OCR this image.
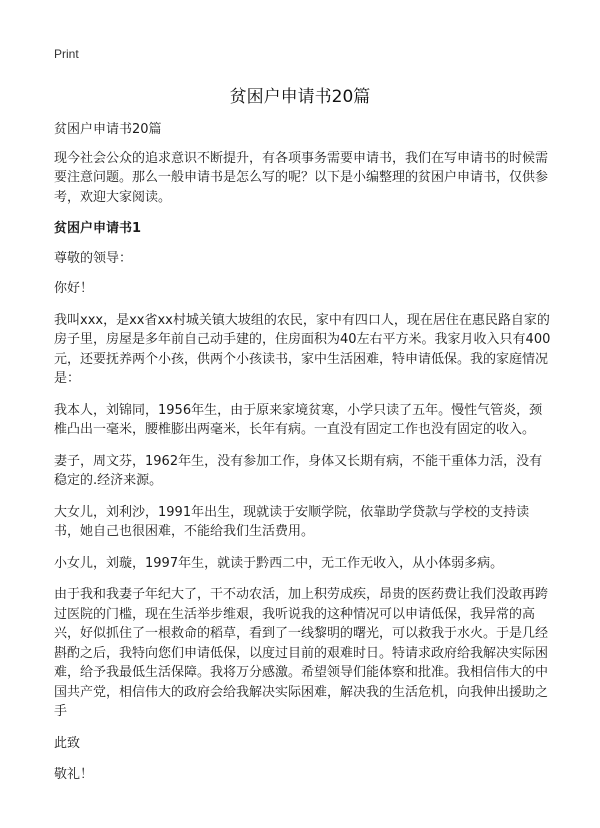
Print
贫困户申请书20篇

贫困户申请书20篇

现今社会公众的追求意识不断提升，有各项事务需要申请书，我们在写申请书的时候需要注意问题。那么一般申请书是怎么写的呢？以下是小编整理的贫困户申请书，仅供参考，欢迎大家阅读。

贫困户申请书1

尊敬的领导：

你好！

我叫xxx，是xx省xx村城关镇大坡组的农民，家中有四口人，现在居住在惠民路自家的房子里，房屋是多年前自己动手建的，住房面积为40左右平方米。我家月收入只有400元，还要抚养两个小孩，供两个小孩读书，家中生活困难，特申请低保。我的家庭情况是：

我本人，刘锦同，1956年生，由于原来家境贫寒，小学只读了五年。慢性气管炎，颈椎凸出一毫米，腰椎膨出两毫米，长年有病。一直没有固定工作也没有固定的收入。

妻子，周文芬，1962年生，没有参加工作，身体又长期有病，不能干重体力活，没有稳定的.经济来源。

大女儿，刘利沙，1991年出生，现就读于安顺学院，依靠助学贷款与学校的支持读书，她自己也很困难，不能给我们生活费用。

小女儿，刘璇，1997年生，就读于黔西二中，无工作无收入，从小体弱多病。

由于我和我妻子年纪大了，干不动农活，加上积劳成疾，昂贵的医药费让我们没敢再跨过医院的门槛，现在生活举步维艰，我听说我的这种情况可以申请低保，我异常的高兴，好似抓住了一根救命的稻草，看到了一线黎明的曙光，可以救我于水火。于是几经斟酌之后，我特向您们申请低保，以度过目前的艰难时日。特请求政府给我解决实际困难，给予我最低生活保障。我将万分感激。希望领导们能体察和批准。我相信伟大的中国共产党，相信伟大的政府会给我解决实际困难，解决我的生活危机，向我伸出援助之手

此致

敬礼！
